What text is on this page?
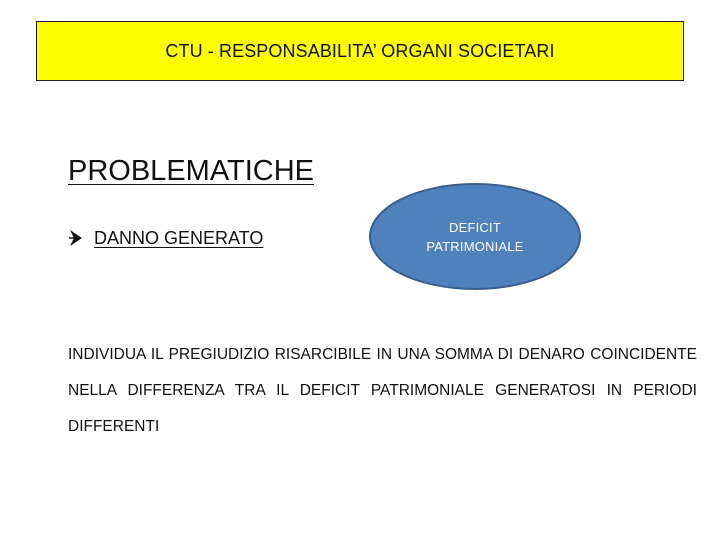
CTU - RESPONSABILITA’ ORGANI SOCIETARI
PROBLEMATICHE
DANNO GENERATO
DEFICIT
PATRIMONIALE
INDIVIDUA IL PREGIUDIZIO RISARCIBILE IN UNA SOMMA DI DENARO COINCIDENTE NELLA DIFFERENZA TRA IL DEFICIT PATRIMONIALE GENERATOSI IN PERIODI DIFFERENTI
